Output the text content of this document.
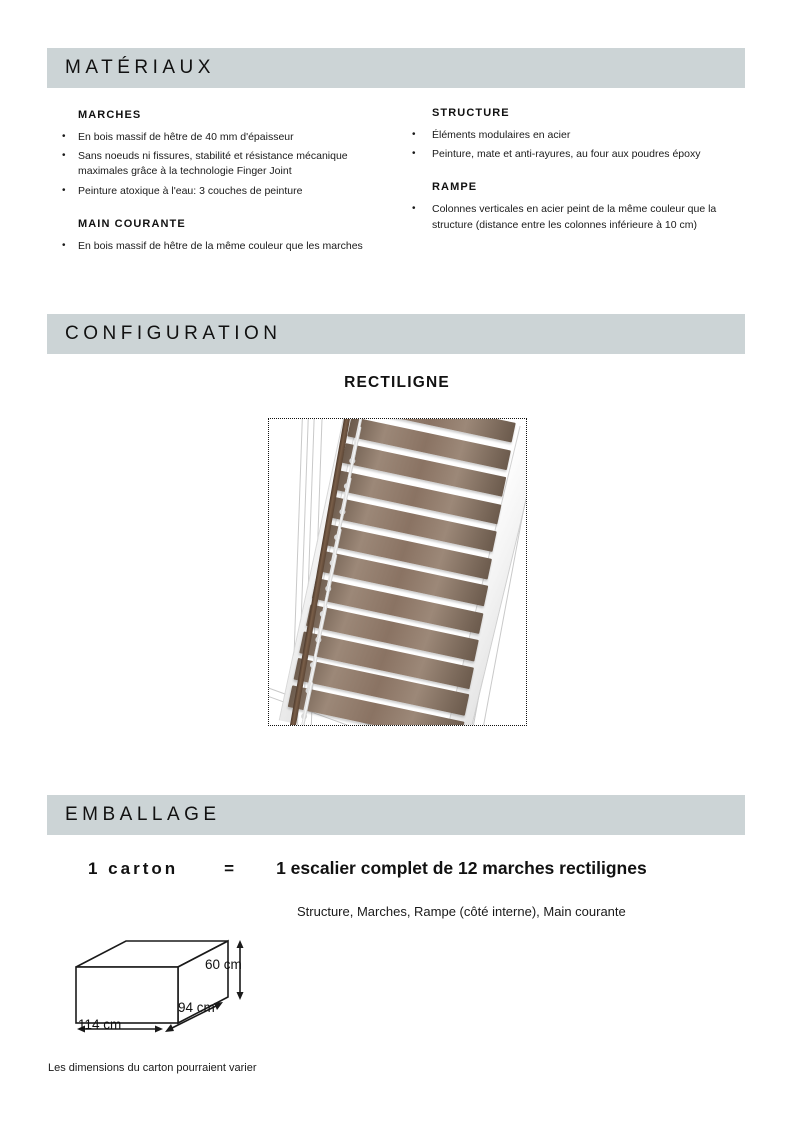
MATÉRIAUX
MARCHES
• En bois massif de hêtre de 40 mm d'épaisseur
• Sans noeuds ni fissures, stabilité et résistance mécanique maximales grâce à la technologie Finger Joint
• Peinture atoxique à l'eau: 3 couches de peinture
MAIN COURANTE
• En bois massif de hêtre de la même couleur que les marches
STRUCTURE
• Éléments modulaires en acier
• Peinture, mate et anti-rayures, au four aux poudres époxy
RAMPE
• Colonnes verticales en acier peint de la même couleur que la structure (distance entre les colonnes inférieure à 10 cm)
CONFIGURATION
RECTILIGNE
EMBALLAGE
1 carton	= 1 escalier complet de 12 marches rectilignes
Structure, Marches, Rampe (côté interne), Main courante
60 cm
94 cm
114 cm
Les dimensions du carton pourraient varier
